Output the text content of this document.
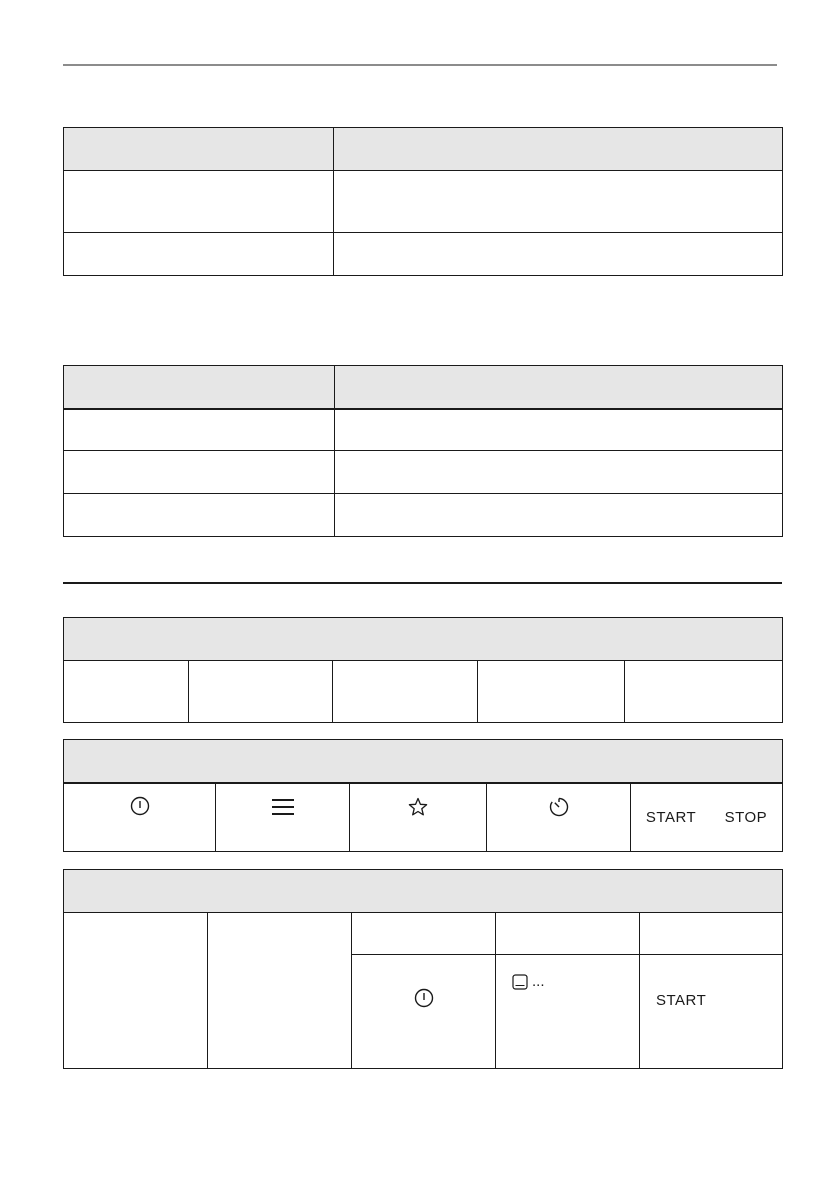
	START STOP

...	START
